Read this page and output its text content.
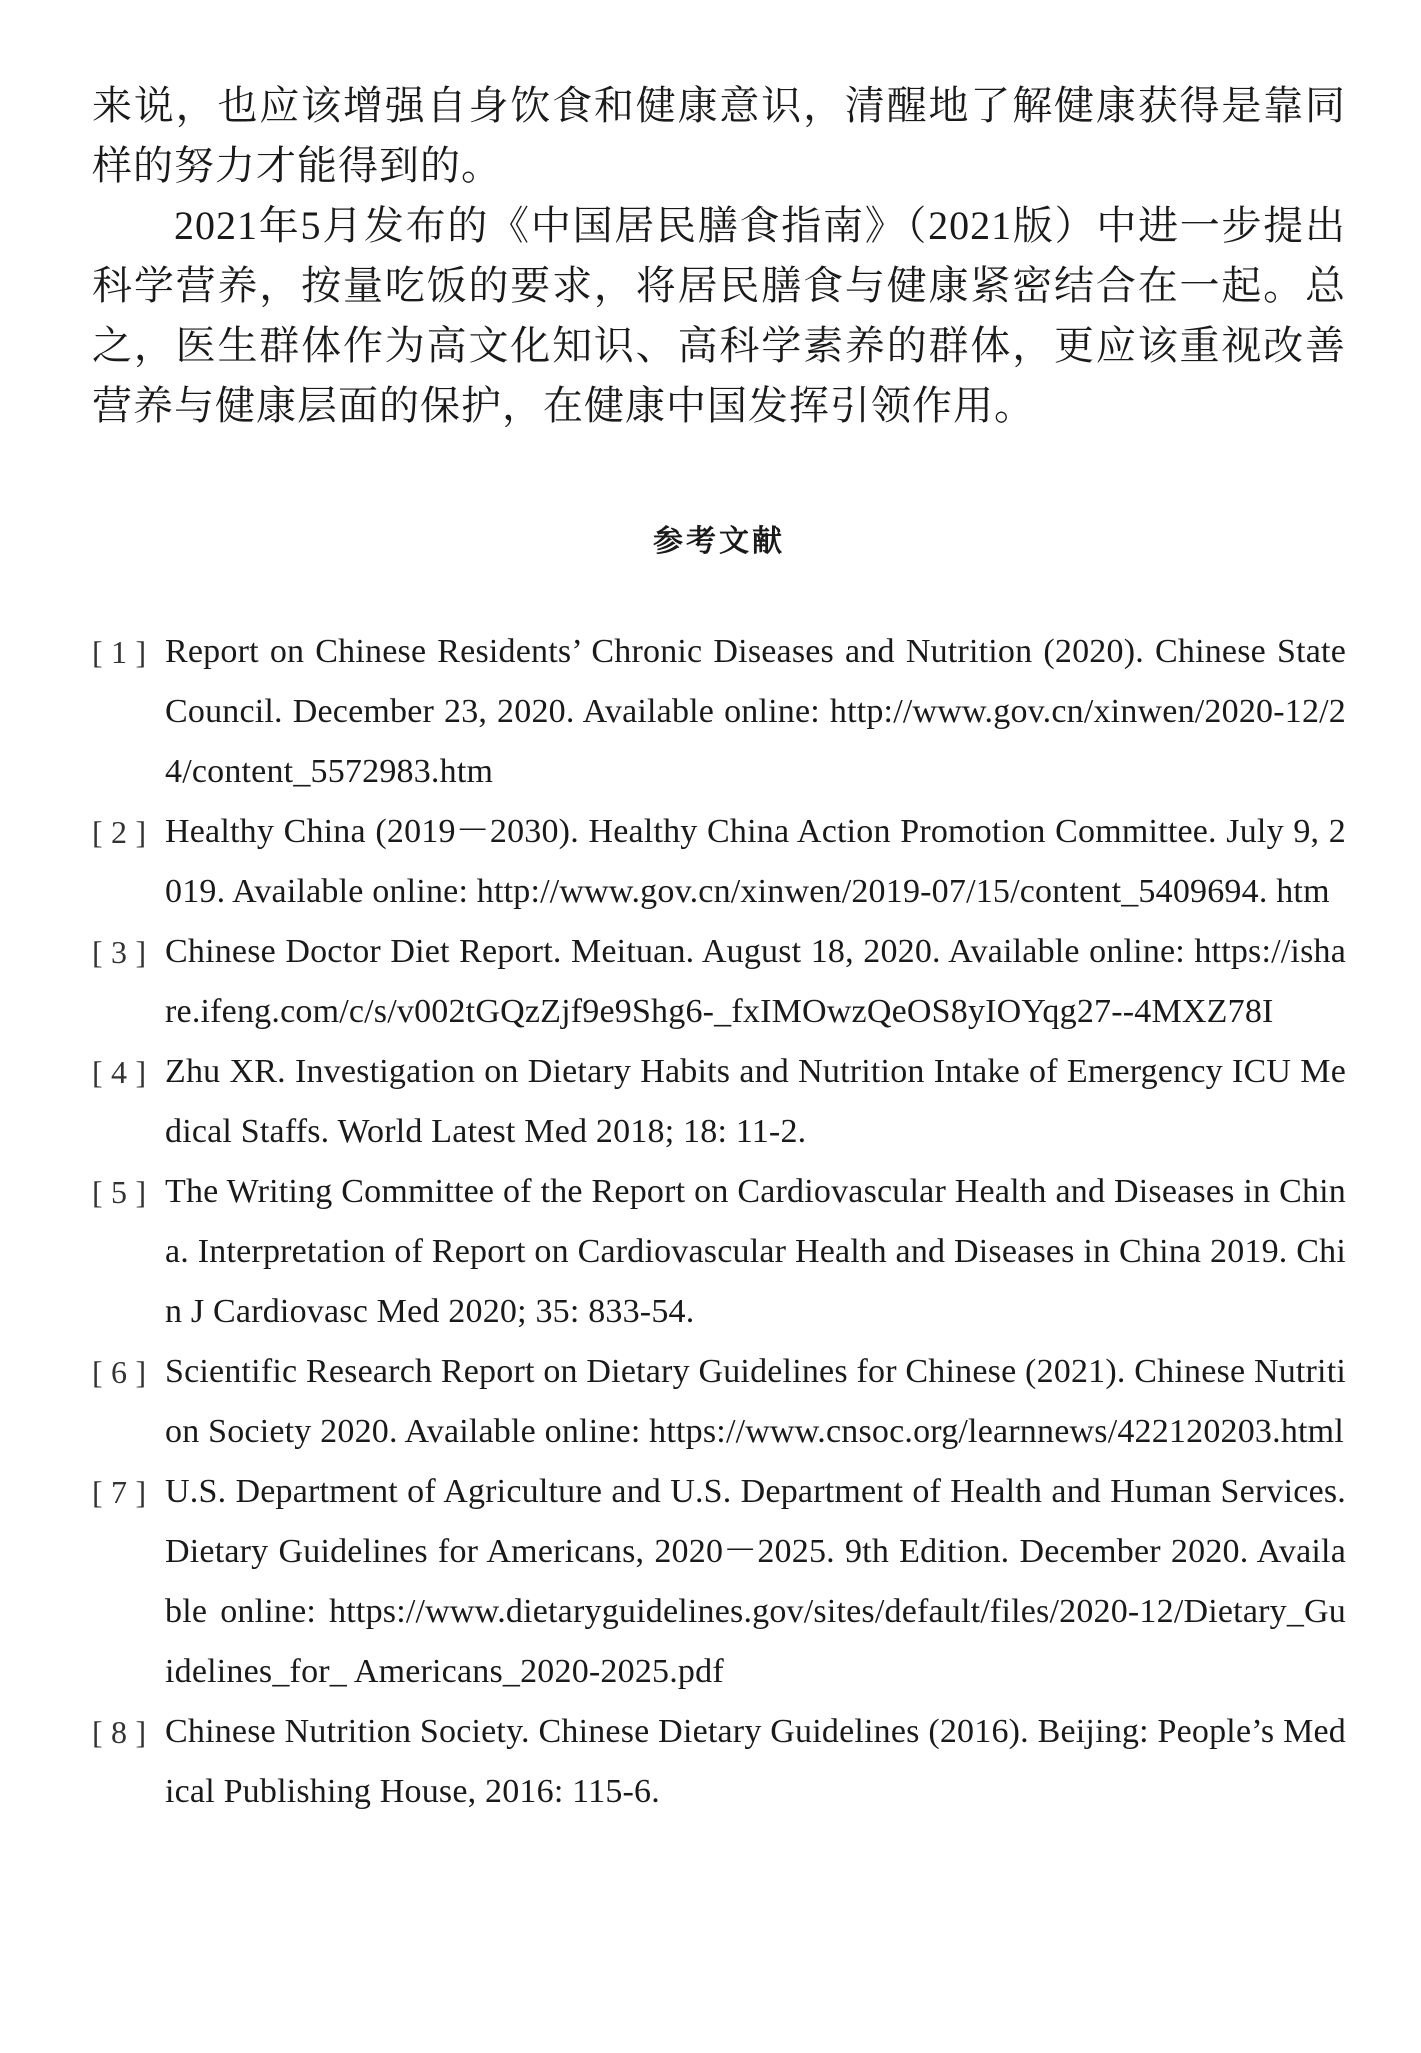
来说，也应该增强自身饮食和健康意识，清醒地了解健康获得是靠同样的努力才能得到的。

2021年5月发布的《中国居民膳食指南》（2021版）中进一步提出科学营养，按量吃饭的要求，将居民膳食与健康紧密结合在一起。总之，医生群体作为高文化知识、高科学素养的群体，更应该重视改善营养与健康层面的保护，在健康中国发挥引领作用。

参考文献
[ 1 ] Report on Chinese Residents’ Chronic Diseases and Nutrition (2020). Chinese State Council. December 23, 2020. Available online: http://www.gov.cn/xinwen/2020-12/24/content_5572983.htm
[ 2 ] Healthy China (2019－2030). Healthy China Action Promotion Committee. July 9, 2019. Available online: http://www.gov.cn/xinwen/2019-07/15/content_5409694. htm
[ 3 ] Chinese Doctor Diet Report. Meituan. August 18, 2020. Available online: https://ishare.ifeng.com/c/s/v002tGQzZjf9e9Shg6-_fxIMOwzQeOS8yIOYqg27--4MXZ78I
[ 4 ] Zhu XR. Investigation on Dietary Habits and Nutrition Intake of Emergency ICU Medical Staffs. World Latest Med 2018; 18: 11-2.
[ 5 ] The Writing Committee of the Report on Cardiovascular Health and Diseases in China. Interpretation of Report on Cardiovascular Health and Diseases in China 2019. Chin J Cardiovasc Med 2020; 35: 833-54.
[ 6 ] Scientific Research Report on Dietary Guidelines for Chinese (2021). Chinese Nutrition Society 2020. Available online: https://www.cnsoc.org/learnnews/422120203.html
[ 7 ] U.S. Department of Agriculture and U.S. Department of Health and Human Services. Dietary Guidelines for Americans, 2020－2025. 9th Edition. December 2020. Available online: https://www.dietaryguidelines.gov/sites/default/files/2020-12/Dietary_Guidelines_for_ Americans_2020-2025.pdf
[ 8 ] Chinese Nutrition Society. Chinese Dietary Guidelines (2016). Beijing: People’s Medical Publishing House, 2016: 115-6.
